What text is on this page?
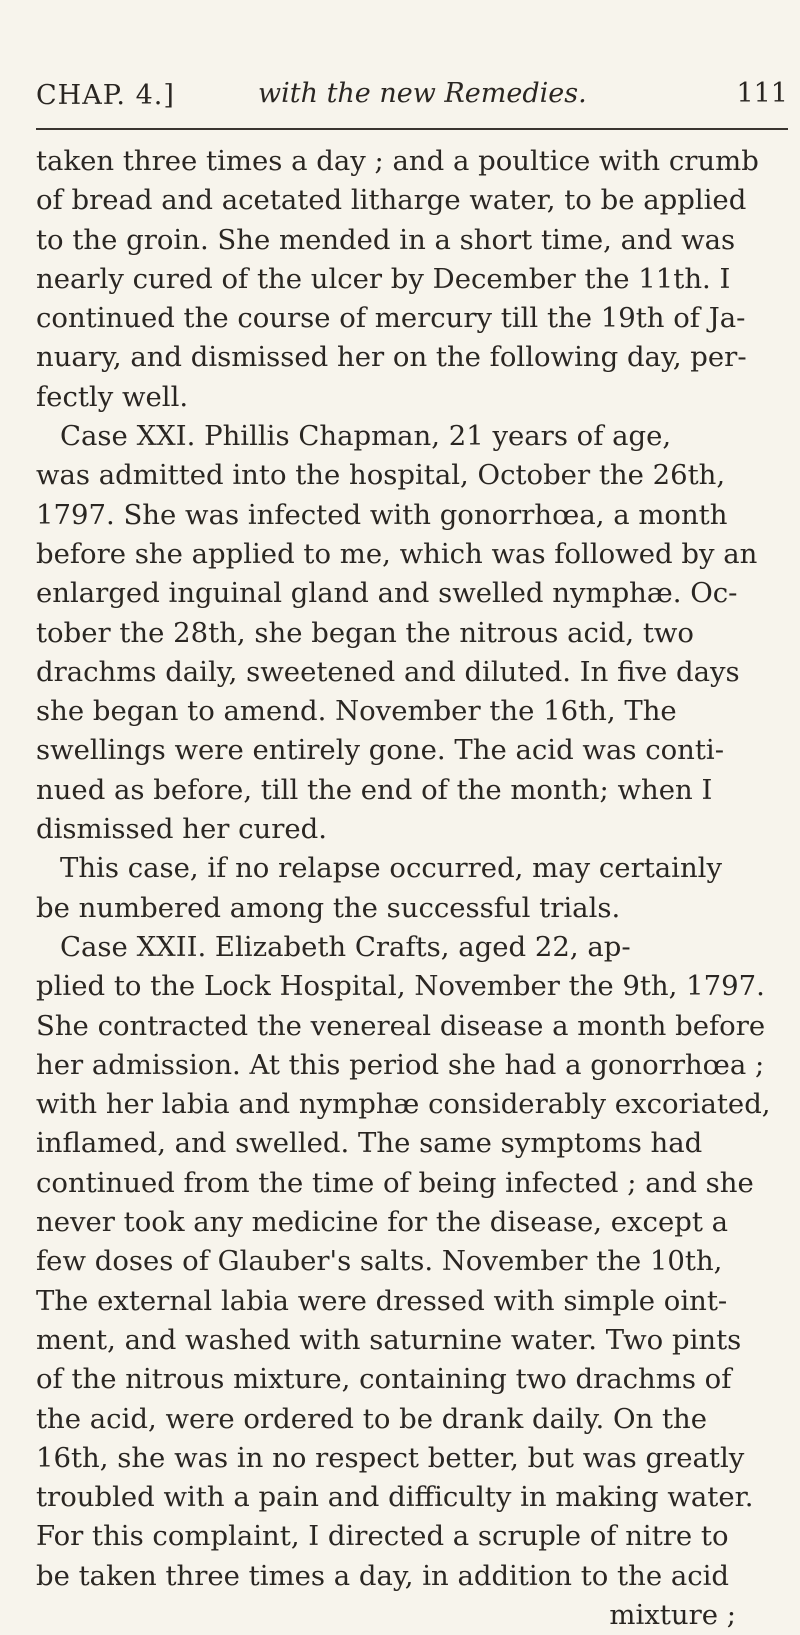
CHAP. 4.]	with the new Remedies.	111
taken three times a day ; and a poultice with crumb
of bread and acetated litharge water, to be applied
to the groin. She mended in a short time, and was
nearly cured of the ulcer by December the 11th. I
continued the course of mercury till the 19th of Ja-
nuary, and dismissed her on the following day, per-
fectly well.
Case XXI. Phillis Chapman, 21 years of age,
was admitted into the hospital, October the 26th,
1797. She was infected with gonorrhœa, a month
before she applied to me, which was followed by an
enlarged inguinal gland and swelled nymphæ. Oc-
tober the 28th, she began the nitrous acid, two
drachms daily, sweetened and diluted. In five days
she began to amend. November the 16th, The
swellings were entirely gone. The acid was conti-
nued as before, till the end of the month; when I
dismissed her cured.
This case, if no relapse occurred, may certainly
be numbered among the successful trials.
Case XXII. Elizabeth Crafts, aged 22, ap-
plied to the Lock Hospital, November the 9th, 1797.
She contracted the venereal disease a month before
her admission. At this period she had a gonorrhœa ;
with her labia and nymphæ considerably excoriated,
inflamed, and swelled. The same symptoms had
continued from the time of being infected ; and she
never took any medicine for the disease, except a
few doses of Glauber's salts. November the 10th,
The external labia were dressed with simple oint-
ment, and washed with saturnine water. Two pints
of the nitrous mixture, containing two drachms of
the acid, were ordered to be drank daily. On the
16th, she was in no respect better, but was greatly
troubled with a pain and difficulty in making water.
For this complaint, I directed a scruple of nitre to
be taken three times a day, in addition to the acid
mixture ;
